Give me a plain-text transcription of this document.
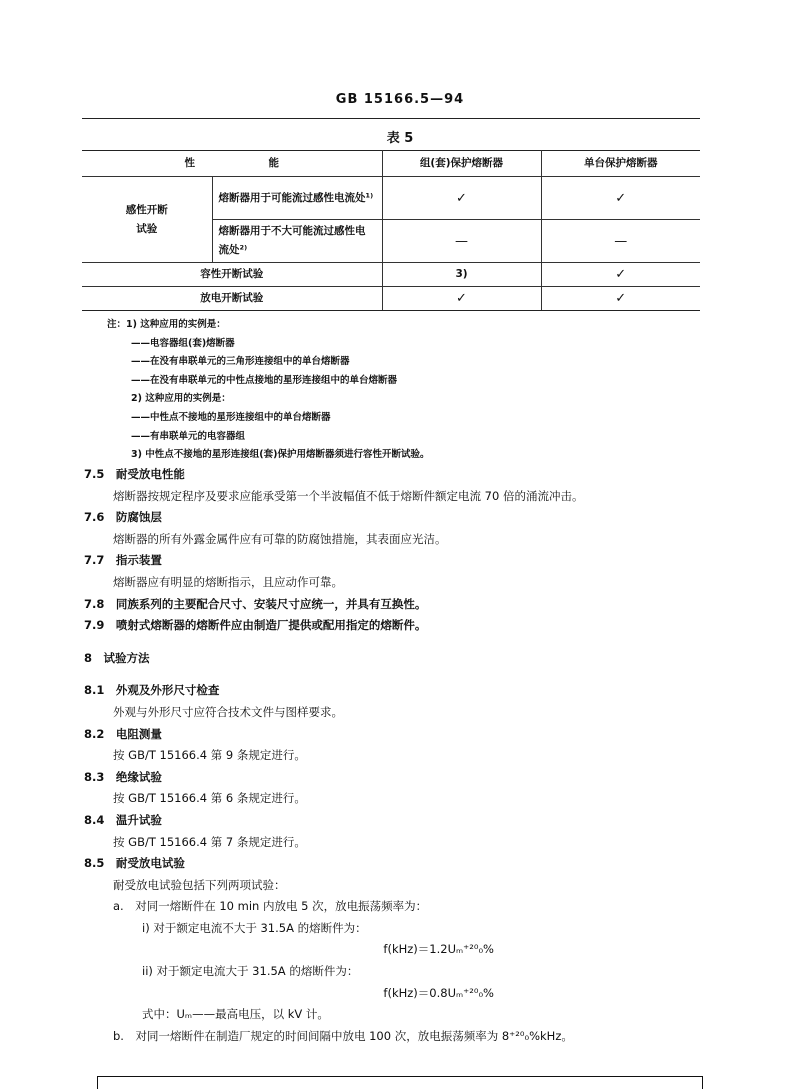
GB 15166.5—94
表 5
性　　　　　　　能		组(套)保护熔断器	单台保护熔断器
感性开断
试验	熔断器用于可能流过感性电流处¹⁾	✓	✓
	熔断器用于不大可能流过感性电流处²⁾	—	—
容性开断试验		3)	✓
放电开断试验		✓	✓
注：1) 这种应用的实例是：
——电容器组(套)熔断器
——在没有串联单元的三角形连接组中的单台熔断器
——在没有串联单元的中性点接地的星形连接组中的单台熔断器
2) 这种应用的实例是：
——中性点不接地的星形连接组中的单台熔断器
——有串联单元的电容器组
3) 中性点不接地的星形连接组(套)保护用熔断器须进行容性开断试验。
7.5　耐受放电性能
熔断器按规定程序及要求应能承受第一个半波幅值不低于熔断件额定电流 70 倍的涌流冲击。
7.6　防腐蚀层
熔断器的所有外露金属件应有可靠的防腐蚀措施，其表面应光洁。
7.7　指示装置
熔断器应有明显的熔断指示，且应动作可靠。
7.8　同族系列的主要配合尺寸、安装尺寸应统一，并具有互换性。
7.9　喷射式熔断器的熔断件应由制造厂提供或配用指定的熔断件。
8　试验方法
8.1　外观及外形尺寸检查
外观与外形尺寸应符合技术文件与图样要求。
8.2　电阻测量
按 GB/T 15166.4 第 9 条规定进行。
8.3　绝缘试验
按 GB/T 15166.4 第 6 条规定进行。
8.4　温升试验
按 GB/T 15166.4 第 7 条规定进行。
8.5　耐受放电试验
耐受放电试验包括下列两项试验：
a.　对同一熔断件在 10 min 内放电 5 次，放电振荡频率为：
i) 对于额定电流不大于 31.5A 的熔断件为：
f(kHz)＝1.2Uₘ⁺²⁰₀%
ii) 对于额定电流大于 31.5A 的熔断件为：
f(kHz)＝0.8Uₘ⁺²⁰₀%
式中：Uₘ——最高电压，以 kV 计。
b.　对同一熔断件在制造厂规定的时间间隔中放电 100 次，放电振荡频率为 8⁺²⁰₀%kHz。
